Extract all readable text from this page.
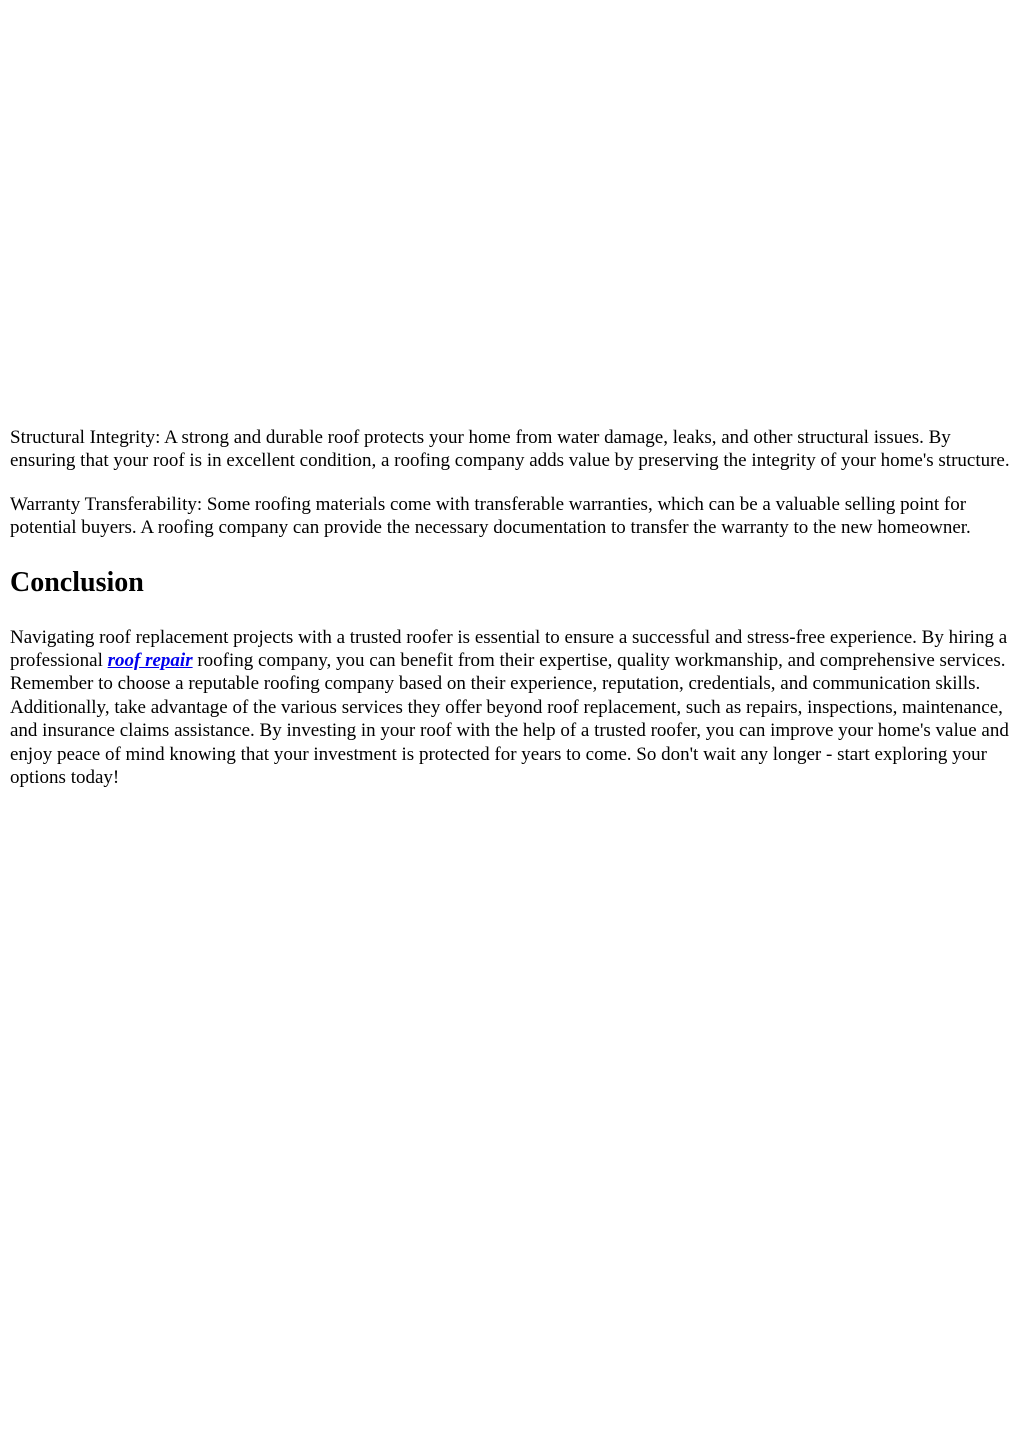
Structural Integrity: A strong and durable roof protects your home from water damage, leaks, and other structural issues. By ensuring that your roof is in excellent condition, a roofing company adds value by preserving the integrity of your home's structure.

Warranty Transferability: Some roofing materials come with transferable warranties, which can be a valuable selling point for potential buyers. A roofing company can provide the necessary documentation to transfer the warranty to the new homeowner.

Conclusion

Navigating roof replacement projects with a trusted roofer is essential to ensure a successful and stress-free experience. By hiring a professional roof repair roofing company, you can benefit from their expertise, quality workmanship, and comprehensive services. Remember to choose a reputable roofing company based on their experience, reputation, credentials, and communication skills. Additionally, take advantage of the various services they offer beyond roof replacement, such as repairs, inspections, maintenance, and insurance claims assistance. By investing in your roof with the help of a trusted roofer, you can improve your home's value and enjoy peace of mind knowing that your investment is protected for years to come. So don't wait any longer - start exploring your options today!
